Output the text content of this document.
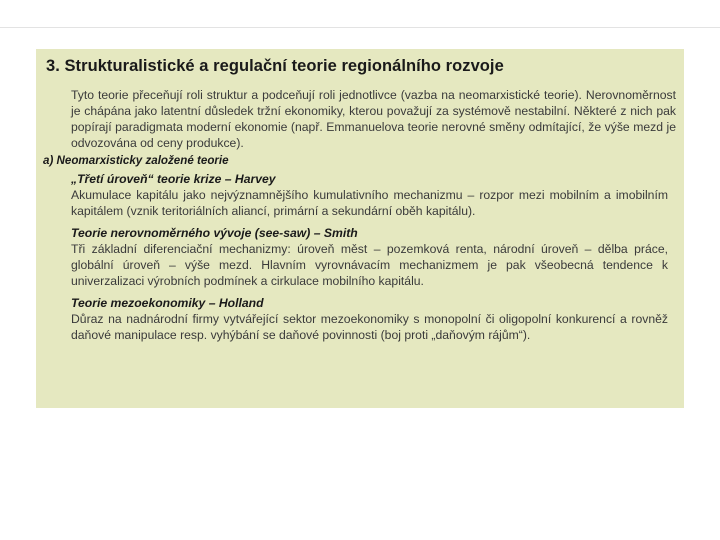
3. Strukturalistické a regulační teorie regionálního rozvoje
Tyto teorie přeceňují roli struktur a podceňují roli jednotlivce (vazba na neomarxistické teorie). Nerovnoměrnost je chápána jako latentní důsledek tržní ekonomiky, kterou považují za systémově nestabilní. Některé z nich pak popírají paradigmata moderní ekonomie (např. Emmanuelova teorie nerovné směny odmítající, že výše mezd je odvozována od ceny produkce).
a) Neomarxisticky založené teorie
„Třetí úroveň“ teorie krize – Harvey
Akumulace kapitálu jako nejvýznamnějšího kumulativního mechanizmu – rozpor mezi mobilním a imobilním kapitálem (vznik teritoriálních aliancí, primární a sekundární oběh kapitálu).
Teorie nerovnoměrného vývoje (see-saw) – Smith
Tři základní diferenciační mechanizmy: úroveň měst – pozemková renta, národní úroveň – dělba práce, globální úroveň – výše mezd. Hlavním vyrovnávacím mechanizmem je pak všeobecná tendence k univerzalizaci výrobních podmínek a cirkulace mobilního kapitálu.
Teorie mezoekonomiky – Holland
Důraz na nadnárodní firmy vytvářející sektor mezoekonomiky s monopolní či oligopolní konkurencí a rovněž daňové manipulace resp. vyhýbání se daňové povinnosti (boj proti „daňovým rájům“).
